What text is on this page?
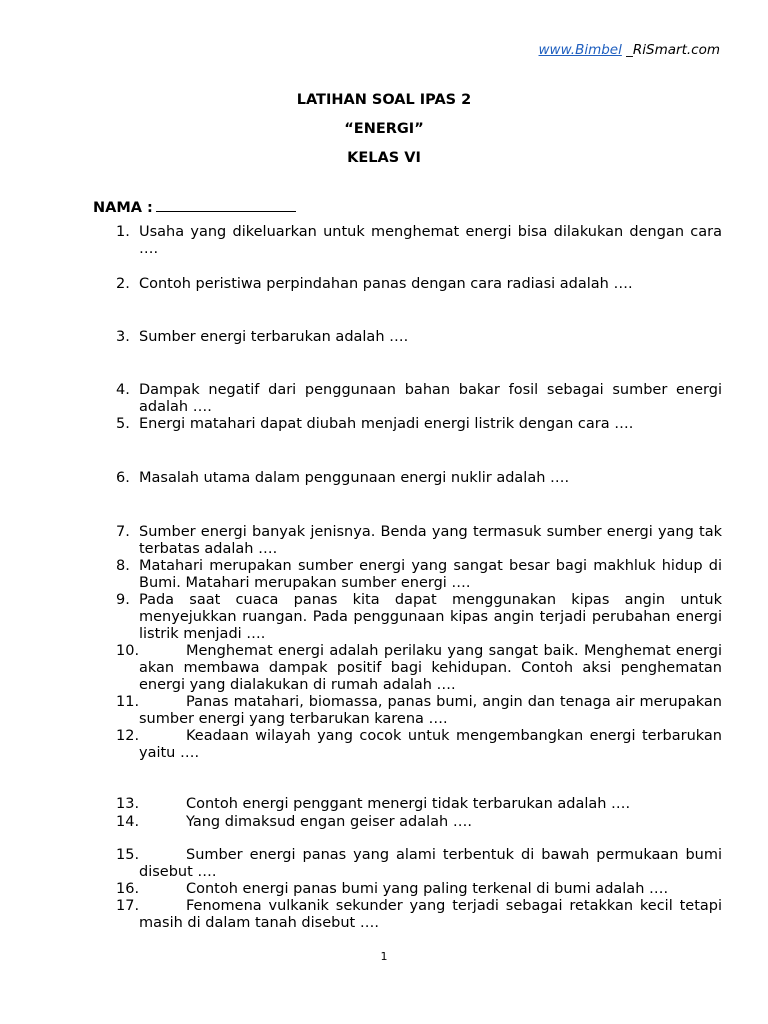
www.Bimbel _RiSmart.com
LATIHAN SOAL IPAS 2
“ENERGI”
KELAS VI
NAMA :
1. Usaha yang dikeluarkan untuk menghemat energi bisa dilakukan dengan cara ….
2. Contoh peristiwa perpindahan panas dengan cara radiasi adalah ….
3. Sumber energi terbarukan adalah ….
4. Dampak negatif dari penggunaan bahan bakar fosil sebagai sumber energi adalah ….
5. Energi matahari dapat diubah menjadi energi listrik dengan cara ….
6. Masalah utama dalam penggunaan energi nuklir adalah ….
7. Sumber energi banyak jenisnya. Benda yang termasuk sumber energi yang tak terbatas adalah ….
8. Matahari merupakan sumber energi yang sangat besar bagi makhluk hidup di Bumi. Matahari merupakan sumber energi ….
9. Pada saat cuaca panas kita dapat menggunakan kipas angin untuk menyejukkan ruangan. Pada penggunaan kipas angin terjadi perubahan energi listrik menjadi ….
10.	Menghemat energi adalah perilaku yang sangat baik. Menghemat energi akan membawa dampak positif bagi kehidupan. Contoh aksi penghematan energi yang dialakukan di rumah adalah ….
11.	Panas matahari, biomassa, panas bumi, angin dan tenaga air merupakan sumber energi yang terbarukan karena ….
12.	Keadaan wilayah yang cocok untuk mengembangkan energi terbarukan yaitu ….
13.	Contoh energi penggant menergi tidak terbarukan adalah ….
14.	Yang dimaksud engan geiser adalah ….
15.	Sumber energi panas yang alami terbentuk di bawah permukaan bumi disebut ….
16.	Contoh energi panas bumi yang paling terkenal di bumi adalah ….
17.	Fenomena vulkanik sekunder yang terjadi sebagai retakkan kecil tetapi masih di dalam tanah disebut ….
1
